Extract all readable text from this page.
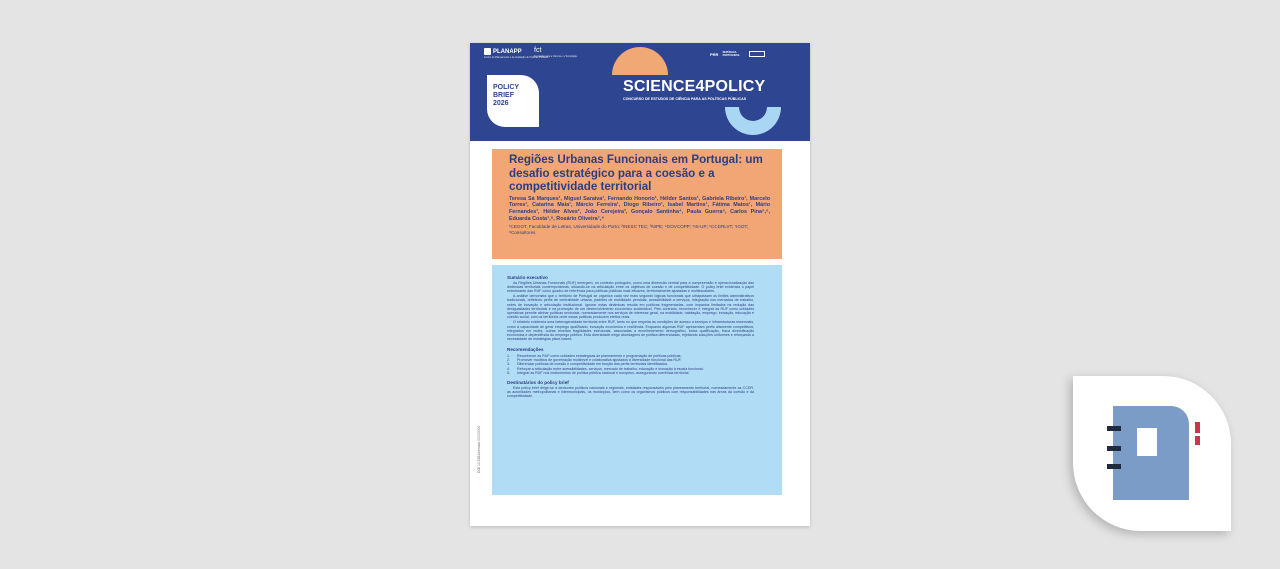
PLANAPP
Centro de Planeamento e de Avaliação de Políticas Públicas
fct
Fundação para a Ciência e a Tecnologia	PRR REPÚBLICA PORTUGUESA
POLICY
BRIEF
2026
SCIENCE4POLICY
CONCURSO DE ESTUDOS DE CIÊNCIA PARA AS POLÍTICAS PÚBLICAS
Regiões Urbanas Funcionais em Portugal: um desafio estratégico para a coesão e a competitividade territorial

Teresa Sá Marques¹, Miguel Saraiva¹, Fernando Honorio¹, Hélder Santos¹, Gabriela Ribeiro¹, Marcelo Torres¹, Catarina Maia¹, Márcio Ferreira¹, Diogo Ribeiro¹, Isabel Martins¹, Fátima Matos¹, Mário Fernandes¹, Hélder Alves², João Cerejeira³, Gonçalo Santinha⁴, Paula Guerra⁵, Carlos Pina⁵,⁶, Eduarda Costa⁷,⁸, Rosário Oliveira⁷,⁸

¹CEGOT, Faculdade de Letras, Universidade do Porto; ²INESC TEC; ³NIPE; ⁴GOVCOPP; ⁵IS-UP; ⁶CCDRLVT; ⁷IGOT; ⁸Consultores

Sumário executivo

As Regiões Urbanas Funcionais (RUF) emergem, no contexto português, como uma dimensão central para a compreensão e operacionalização das dinâmicas territoriais contemporâneas, situando-se na articulação entre os objetivos de coesão e de competitividade. O policy brief evidencia o papel estruturante das RUF como quadro de referência para políticas públicas mais eficazes, territorialmente ajustadas e multiescalares.

A análise demonstra que o território de Portugal se organiza cada vez mais segundo lógicas funcionais que ultrapassam os limites administrativos tradicionais, refletindo perfis de centralidade urbana, padrões de mobilidade pendular, acessibilidade a serviços, integração nos mercados de trabalho, redes de inovação e articulação institucional. Ignorar estas dinâmicas resulta em políticas fragmentadas, com impactos limitados na redução das desigualdades territoriais e na promoção de um desenvolvimento económico sustentável. Pelo contrário, reconhecer e integrar as RUF como unidades operativas permite alinhar políticas sectoriais, nomeadamente nos serviços de interesse geral, na mobilidade, habitação, emprego, inovação, educação e coesão social, com os territórios onde essas políticas produzem efeitos reais.

O relatório evidencia uma heterogeneidade territorial entre RUF, tanto no que respeita às condições de acesso a serviços e infraestruturas essenciais, como à capacidade de gerar emprego qualificado, inovação económica e resiliência. Enquanto algumas RUF apresentam perfis altamente competitivos, integrados em redes, outras revelam fragilidades estruturais, associadas a envelhecimento demográfico, baixa qualificação, fraca diversificação económica e dependência do emprego público. Esta diversidade exige abordagens de política diferenciadas, rejeitando soluções uniformes e reforçando a necessidade de estratégias place-based.

Recomendações

1. Reconhecer as RUF como unidades estratégicas de planeamento e programação de políticas públicas.
2. Promover modelos de governação multinível e colaborativa ajustados à diversidade funcional das RUF.
3. Diferenciar políticas de coesão e competitividade em função dos perfis territoriais identificados.
4. Reforçar a articulação entre acessibilidades, serviços, mercado de trabalho, educação e inovação à escala funcional.
5. Integrar as RUF nos instrumentos de política pública nacional e europeus, assegurando coerência territorial.

Destinatários do policy brief

Este policy brief dirige-se a decisores políticos nacionais e regionais, entidades responsáveis pelo planeamento territorial, nomeadamente as CCDR, as autoridades metropolitanas e intermunicipais, os municípios, bem como os organismos públicos com responsabilidades nas áreas da coesão e da competitividade.

DOI 10.5281/zenodo.00000000
